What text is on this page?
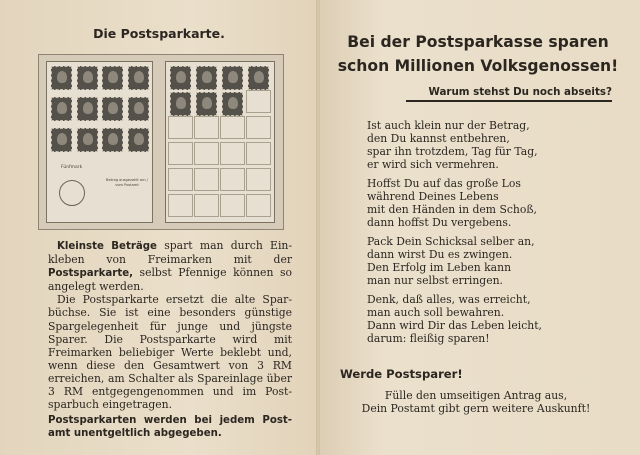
Die Postsparkarte.
Fünfmark
Betrag ausgezahlt am / vom Postamt

Kleinste Beträge spart man durch Einkleben von Freimarken mit der Postsparkarte, selbst Pfennige können so angelegt werden.

Die Postsparkarte ersetzt die alte Sparbüchse. Sie ist eine besonders günstige Spargelegenheit für junge und jüngste Sparer. Die Postsparkarte wird mit Freimarken beliebiger Werte beklebt und, wenn diese den Gesamtwert von 3 RM erreichen, am Schalter als Spareinlage über 3 RM entgegengenommen und im Postsparbuch eingetragen.

Postsparkarten werden bei jedem Postamt unentgeltlich abgegeben.

Bei der Postsparkasse sparen
schon Millionen Volksgenossen!
Warum stehst Du noch abseits?
Ist auch klein nur der Betrag,
den Du kannst entbehren,
spar ihn trotzdem, Tag für Tag,
er wird sich vermehren.
Hoffst Du auf das große Los
während Deines Lebens
mit den Händen in dem Schoß,
dann hoffst Du vergebens.
Pack Dein Schicksal selber an,
dann wirst Du es zwingen.
Den Erfolg im Leben kann
man nur selbst erringen.
Denk, daß alles, was erreicht,
man auch soll bewahren.
Dann wird Dir das Leben leicht,
darum: fleißig sparen!
Werde Postsparer!
Fülle den umseitigen Antrag aus,
Dein Postamt gibt gern weitere Auskunft!
